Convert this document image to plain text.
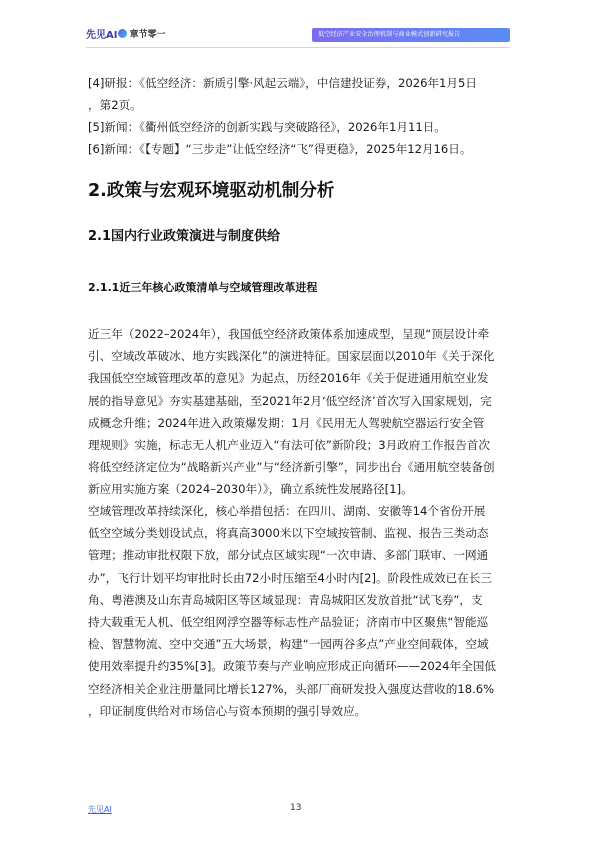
先见AI 章节零一	低空经济产业安全治理机制与商业模式创新研究报告
[4]研报：《低空经济：新质引擎·风起云端》，中信建投证券，2026年1月5日
，第2页。
[5]新闻：《衢州低空经济的创新实践与突破路径》，2026年1月11日。
[6]新闻：《【专题】“三步走”让低空经济“飞”得更稳》，2025年12月16日。
2.政策与宏观环境驱动机制分析
2.1国内行业政策演进与制度供给
2.1.1近三年核心政策清单与空域管理改革进程
近三年（2022–2024年），我国低空经济政策体系加速成型，呈现“顶层设计牵
引、空域改革破冰、地方实践深化”的演进特征。国家层面以2010年《关于深化
我国低空空域管理改革的意见》为起点，历经2016年《关于促进通用航空业发
展的指导意见》夯实基建基础，至2021年2月‘低空经济’首次写入国家规划，完
成概念升维；2024年进入政策爆发期：1月《民用无人驾驶航空器运行安全管
理规则》实施，标志无人机产业迈入“有法可依”新阶段；3月政府工作报告首次
将低空经济定位为“战略新兴产业”与“经济新引擎”，同步出台《通用航空装备创
新应用实施方案（2024–2030年）》，确立系统性发展路径[1]。
空域管理改革持续深化，核心举措包括：在四川、湖南、安徽等14个省份开展
低空空域分类划设试点，将真高3000米以下空域按管制、监视、报告三类动态
管理；推动审批权限下放，部分试点区域实现“一次申请、多部门联审、一网通
办”，飞行计划平均审批时长由72小时压缩至4小时内[2]。阶段性成效已在长三
角、粤港澳及山东青岛城阳区等区域显现：青岛城阳区发放首批“试飞券”，支
持大载重无人机、低空组网浮空器等标志性产品验证；济南市中区聚焦“智能巡
检、智慧物流、空中交通”五大场景，构建“一园两谷多点”产业空间载体，空域
使用效率提升约35%[3]。政策节奏与产业响应形成正向循环——2024年全国低
空经济相关企业注册量同比增长127%，头部厂商研发投入强度达营收的18.6%
，印证制度供给对市场信心与资本预期的强引导效应。
先见AI	13
